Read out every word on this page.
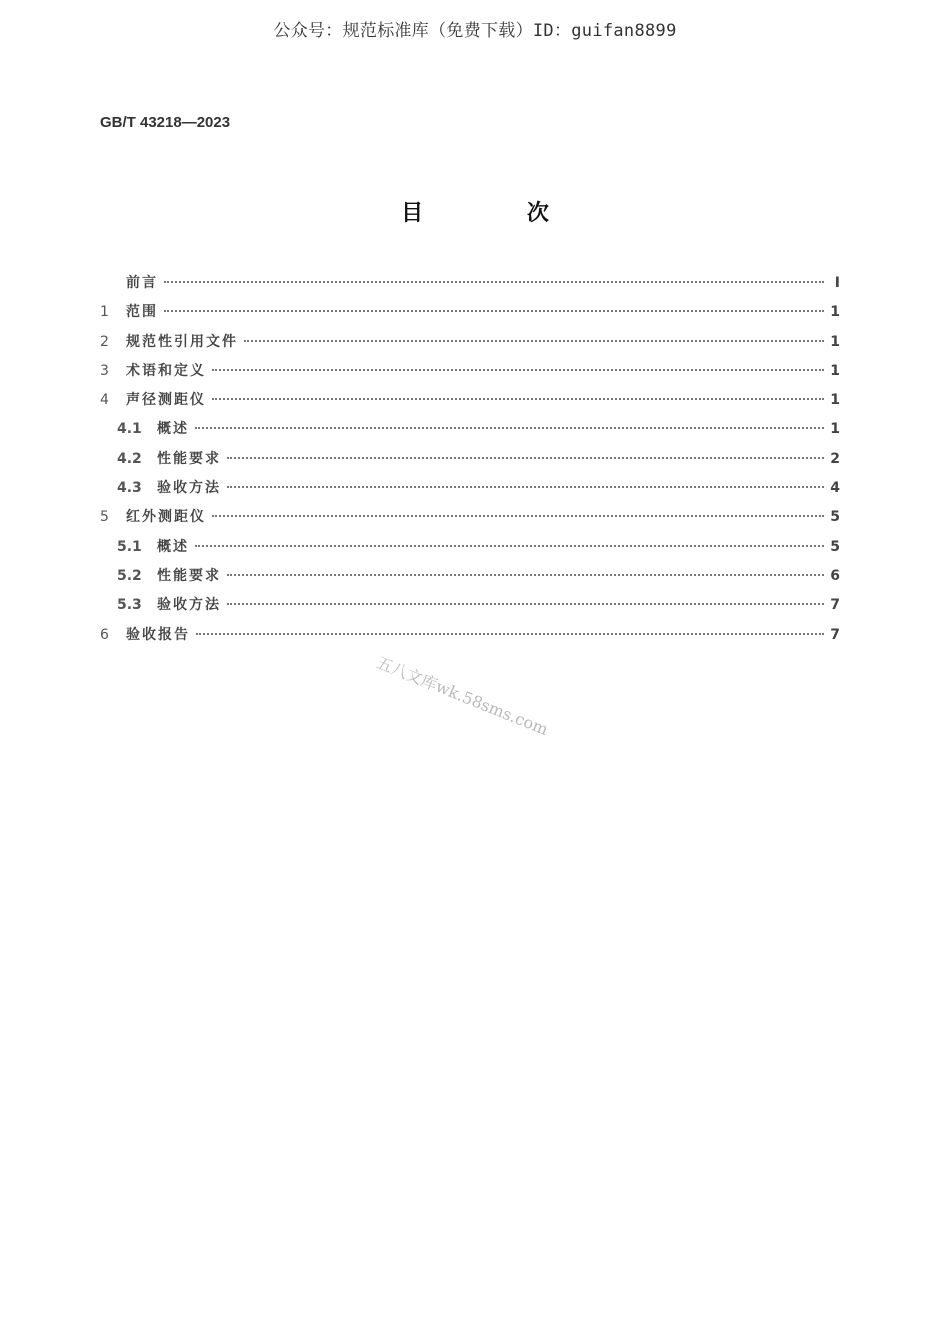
公众号：规范标准库（免费下载）ID：guifan8899
GB/T 43218—2023
目 次
前言	Ⅰ
1	范围	1
2	规范性引用文件	1
3	术语和定义	1
4	声径测距仪	1
4.1	概述	1
4.2	性能要求	2
4.3	验收方法	4
5	红外测距仪	5
5.1	概述	5
5.2	性能要求	6
5.3	验收方法	7
6	验收报告	7
五八文库wk.58sms.com
